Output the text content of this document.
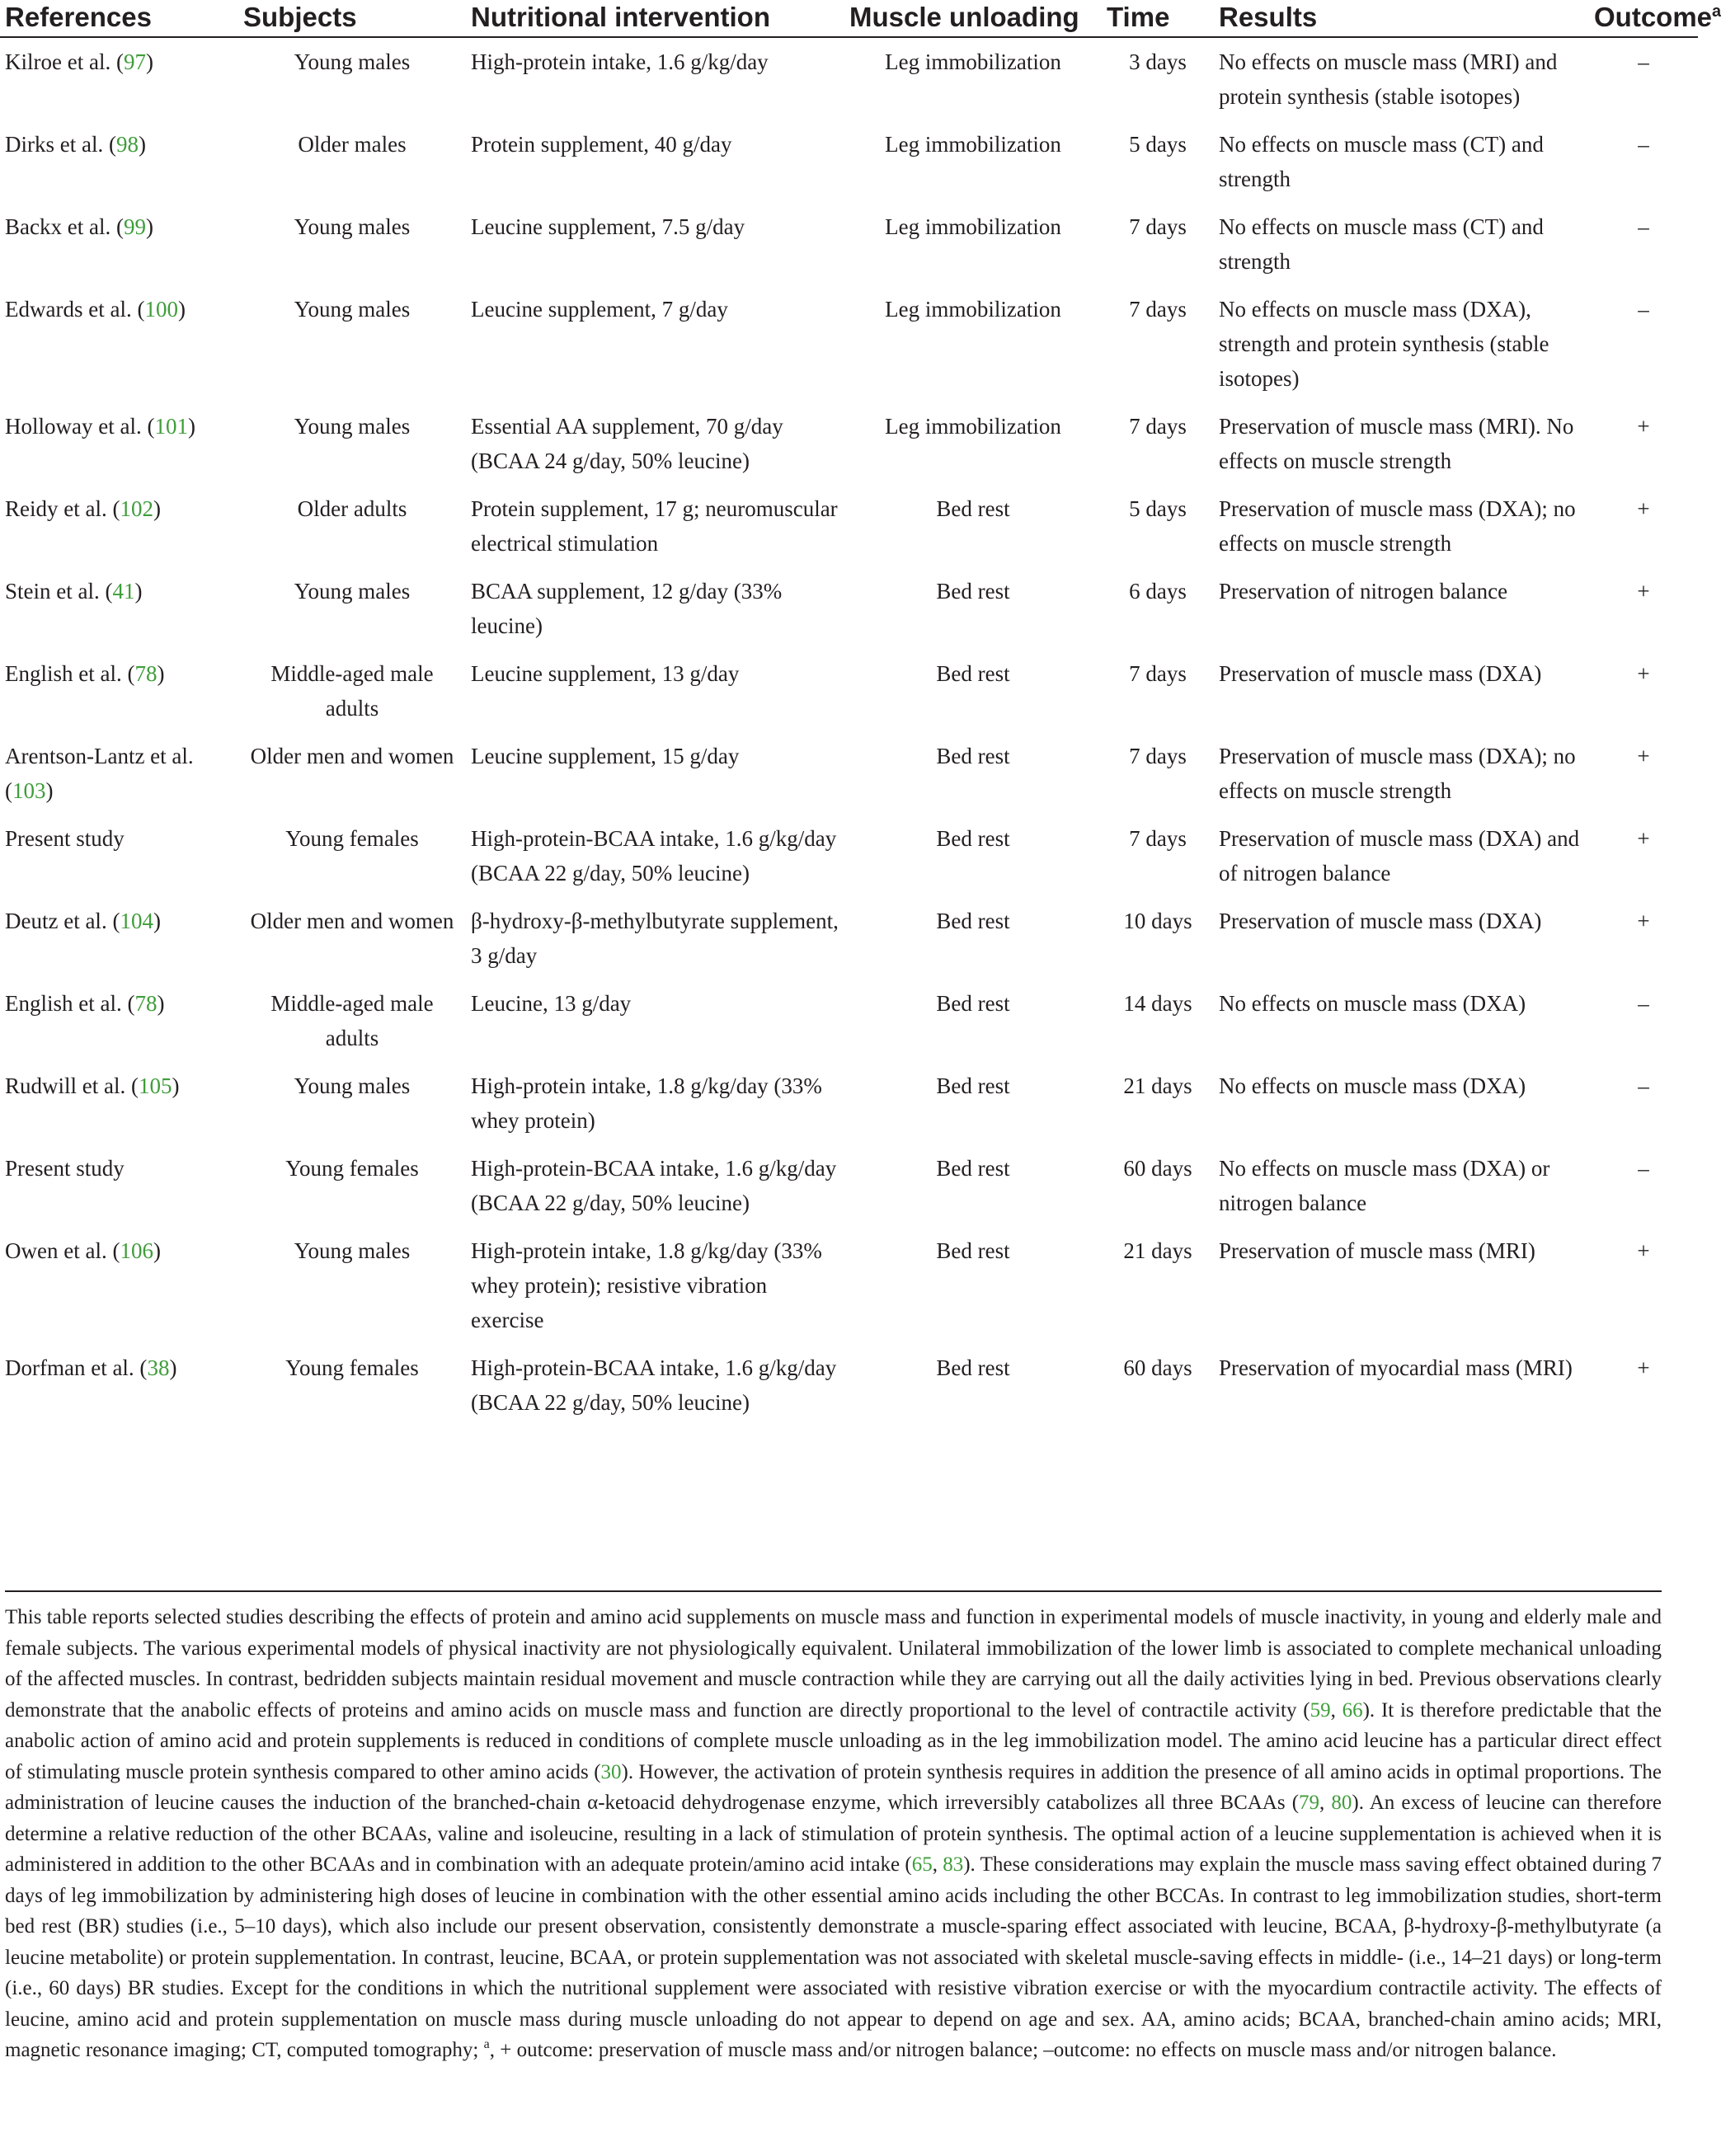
References	Subjects	Nutritional intervention	Muscle unloading	Time	Results	Outcome$^a$
Kilroe et al. (97)	Young males	High-protein intake, 1.6 g/kg/day	Leg immobilization	3 days	No effects on muscle mass (MRI) and protein synthesis (stable isotopes)	–
Dirks et al. (98)	Older males	Protein supplement, 40 g/day	Leg immobilization	5 days	No effects on muscle mass (CT) and strength	–
Backx et al. (99)	Young males	Leucine supplement, 7.5 g/day	Leg immobilization	7 days	No effects on muscle mass (CT) and strength	–
Edwards et al. (100)	Young males	Leucine supplement, 7 g/day	Leg immobilization	7 days	No effects on muscle mass (DXA), strength and protein synthesis (stable isotopes)	–
Holloway et al. (101)	Young males	Essential AA supplement, 70 g/day (BCAA 24 g/day, 50% leucine)	Leg immobilization	7 days	Preservation of muscle mass (MRI). No effects on muscle strength	+
Reidy et al. (102)	Older adults	Protein supplement, 17 g; neuromuscular electrical stimulation	Bed rest	5 days	Preservation of muscle mass (DXA); no effects on muscle strength	+
Stein et al. (41)	Young males	BCAA supplement, 12 g/day (33% leucine)	Bed rest	6 days	Preservation of nitrogen balance	+
English et al. (78)	Middle-aged male adults	Leucine supplement, 13 g/day	Bed rest	7 days	Preservation of muscle mass (DXA)	+
Arentson-Lantz et al. (103)	Older men and women	Leucine supplement, 15 g/day	Bed rest	7 days	Preservation of muscle mass (DXA); no effects on muscle strength	+
Present study	Young females	High-protein-BCAA intake, 1.6 g/kg/day (BCAA 22 g/day, 50% leucine)	Bed rest	7 days	Preservation of muscle mass (DXA) and of nitrogen balance	+
Deutz et al. (104)	Older men and women	β-hydroxy-β-methylbutyrate supplement, 3 g/day	Bed rest	10 days	Preservation of muscle mass (DXA)	+
English et al. (78)	Middle-aged male adults	Leucine, 13 g/day	Bed rest	14 days	No effects on muscle mass (DXA)	–
Rudwill et al. (105)	Young males	High-protein intake, 1.8 g/kg/day (33% whey protein)	Bed rest	21 days	No effects on muscle mass (DXA)	–
Present study	Young females	High-protein-BCAA intake, 1.6 g/kg/day (BCAA 22 g/day, 50% leucine)	Bed rest	60 days	No effects on muscle mass (DXA) or nitrogen balance	–
Owen et al. (106)	Young males	High-protein intake, 1.8 g/kg/day (33% whey protein); resistive vibration exercise	Bed rest	21 days	Preservation of muscle mass (MRI)	+
Dorfman et al. (38)	Young females	High-protein-BCAA intake, 1.6 g/kg/day (BCAA 22 g/day, 50% leucine)	Bed rest	60 days	Preservation of myocardial mass (MRI)	+
This table reports selected studies describing the effects of protein and amino acid supplements on muscle mass and function in experimental models of muscle inactivity, in young and elderly male and female subjects. The various experimental models of physical inactivity are not physiologically equivalent. Unilateral immobilization of the lower limb is associated to complete mechanical unloading of the affected muscles. In contrast, bedridden subjects maintain residual movement and muscle contraction while they are carrying out all the daily activities lying in bed. Previous observations clearly demonstrate that the anabolic effects of proteins and amino acids on muscle mass and function are directly proportional to the level of contractile activity (59, 66). It is therefore predictable that the anabolic action of amino acid and protein supplements is reduced in conditions of complete muscle unloading as in the leg immobilization model. The amino acid leucine has a particular direct effect of stimulating muscle protein synthesis compared to other amino acids (30). However, the activation of protein synthesis requires in addition the presence of all amino acids in optimal proportions. The administration of leucine causes the induction of the branched-chain α-ketoacid dehydrogenase enzyme, which irreversibly catabolizes all three BCAAs (79, 80). An excess of leucine can therefore determine a relative reduction of the other BCAAs, valine and isoleucine, resulting in a lack of stimulation of protein synthesis. The optimal action of a leucine supplementation is achieved when it is administered in addition to the other BCAAs and in combination with an adequate protein/amino acid intake (65, 83). These considerations may explain the muscle mass saving effect obtained during 7 days of leg immobilization by administering high doses of leucine in combination with the other essential amino acids including the other BCCAs. In contrast to leg immobilization studies, short-term bed rest (BR) studies (i.e., 5–10 days), which also include our present observation, consistently demonstrate a muscle-sparing effect associated with leucine, BCAA, β-hydroxy-β-methylbutyrate (a leucine metabolite) or protein supplementation. In contrast, leucine, BCAA, or protein supplementation was not associated with skeletal muscle-saving effects in middle- (i.e., 14–21 days) or long-term (i.e., 60 days) BR studies. Except for the conditions in which the nutritional supplement were associated with resistive vibration exercise or with the myocardium contractile activity. The effects of leucine, amino acid and protein supplementation on muscle mass during muscle unloading do not appear to depend on age and sex. AA, amino acids; BCAA, branched-chain amino acids; MRI, magnetic resonance imaging; CT, computed tomography; $^a$, + outcome: preservation of muscle mass and/or nitrogen balance; –outcome: no effects on muscle mass and/or nitrogen balance.
